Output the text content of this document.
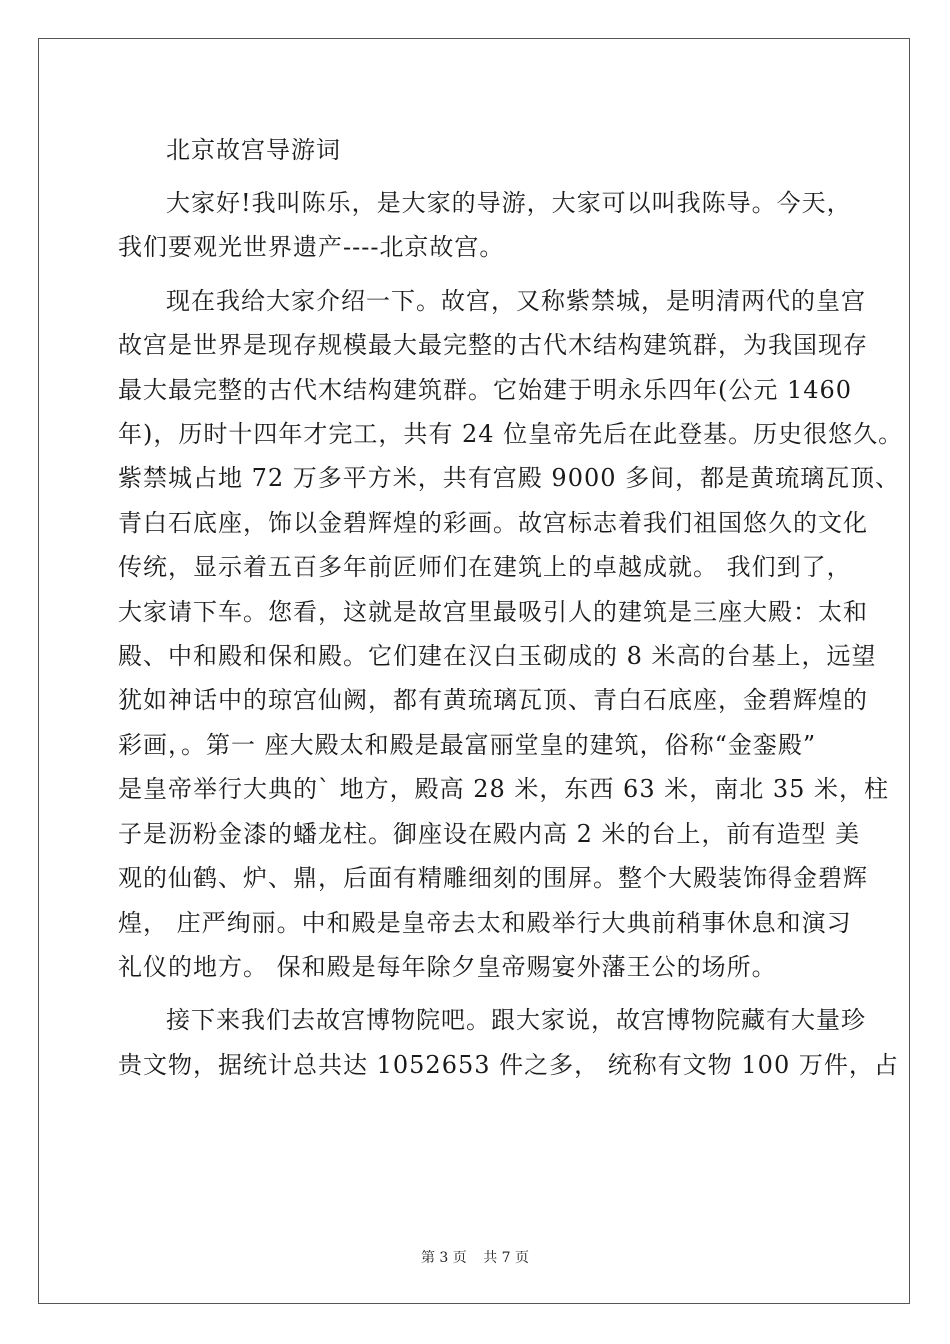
北京故宫导游词
大家好!我叫陈乐，是大家的导游，大家可以叫我陈导。今天，
我们要观光世界遗产----北京故宫。
现在我给大家介绍一下。故宫，又称紫禁城，是明清两代的皇宫
故宫是世界是现存规模最大最完整的古代木结构建筑群，为我国现存
最大最完整的古代木结构建筑群。它始建于明永乐四年(公元 1460
年)，历时十四年才完工，共有 24 位皇帝先后在此登基。历史很悠久。
紫禁城占地 72 万多平方米，共有宫殿 9000 多间，都是黄琉璃瓦顶、
青白石底座，饰以金碧辉煌的彩画。故宫标志着我们祖国悠久的文化
传统，显示着五百多年前匠师们在建筑上的卓越成就。 我们到了，
大家请下车。您看，这就是故宫里最吸引人的建筑是三座大殿：太和
殿、中和殿和保和殿。它们建在汉白玉砌成的 8 米高的台基上，远望
犹如神话中的琼宫仙阙，都有黄琉璃瓦顶、青白石底座，金碧辉煌的
彩画，。第一 座大殿太和殿是最富丽堂皇的建筑，俗称“金銮殿”
是皇帝举行大典的` 地方，殿高 28 米，东西 63 米，南北 35 米，柱
子是沥粉金漆的蟠龙柱。御座设在殿内高 2 米的台上，前有造型 美
观的仙鹤、炉、鼎，后面有精雕细刻的围屏。整个大殿装饰得金碧辉
煌， 庄严绚丽。中和殿是皇帝去太和殿举行大典前稍事休息和演习
礼仪的地方。 保和殿是每年除夕皇帝赐宴外藩王公的场所。
接下来我们去故宫博物院吧。跟大家说，故宫博物院藏有大量珍
贵文物，据统计总共达 1052653 件之多， 统称有文物 100 万件，占
第 3 页 共 7 页
